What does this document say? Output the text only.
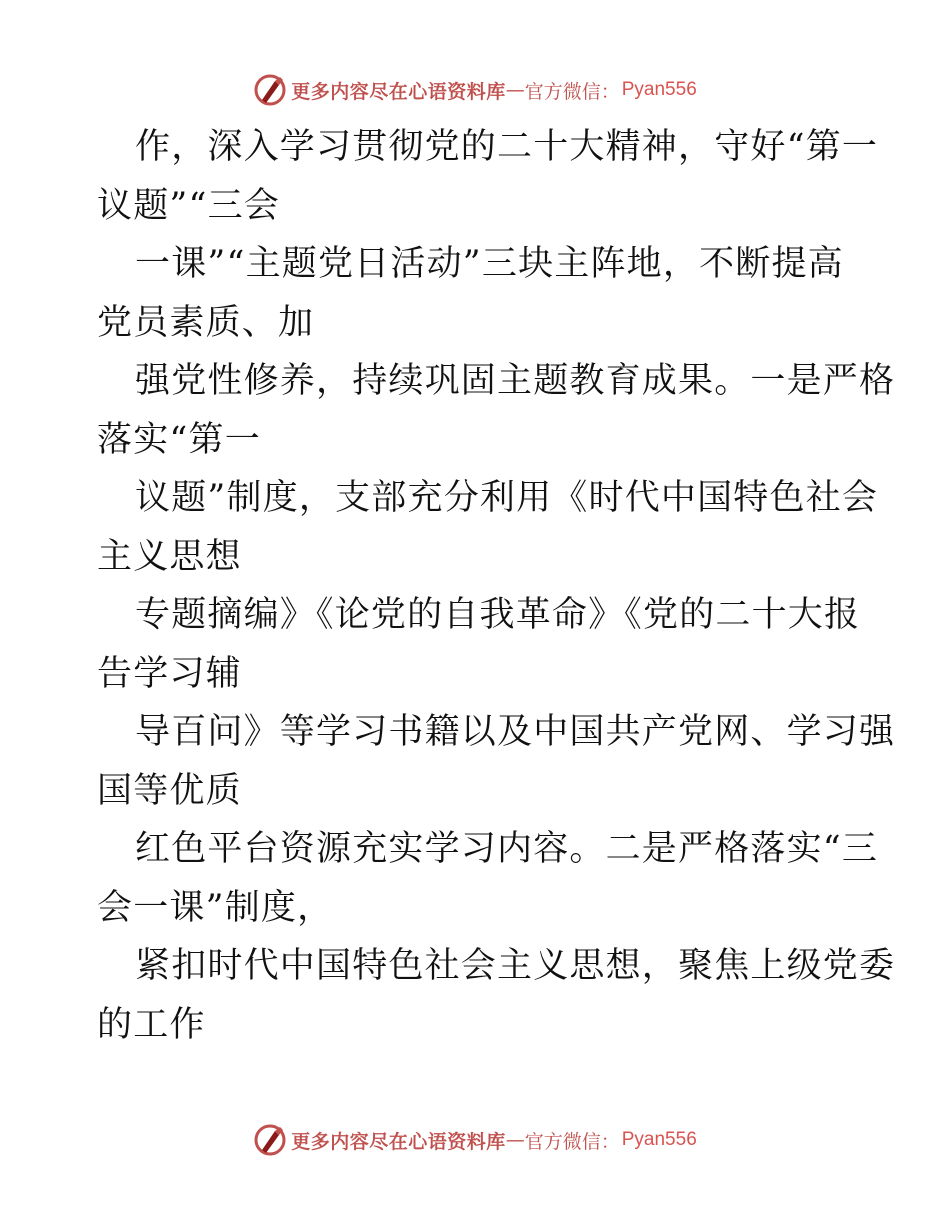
更多内容尽在心语资料库 — 官方微信： Pyan556
作，深入学习贯彻党的二十大精神，守好“第一
议题”“三会
一课”“主题党日活动”三块主阵地，不断提高
党员素质、加
强党性修养，持续巩固主题教育成果。一是严格
落实“第一
议题”制度，支部充分利用《时代中国特色社会
主义思想
专题摘编》《论党的自我革命》《党的二十大报
告学习辅
导百问》等学习书籍以及中国共产党网、学习强
国等优质
红色平台资源充实学习内容。二是严格落实“三
会一课”制度，
紧扣时代中国特色社会主义思想，聚焦上级党委
的工作
更多内容尽在心语资料库 — 官方微信： Pyan556
